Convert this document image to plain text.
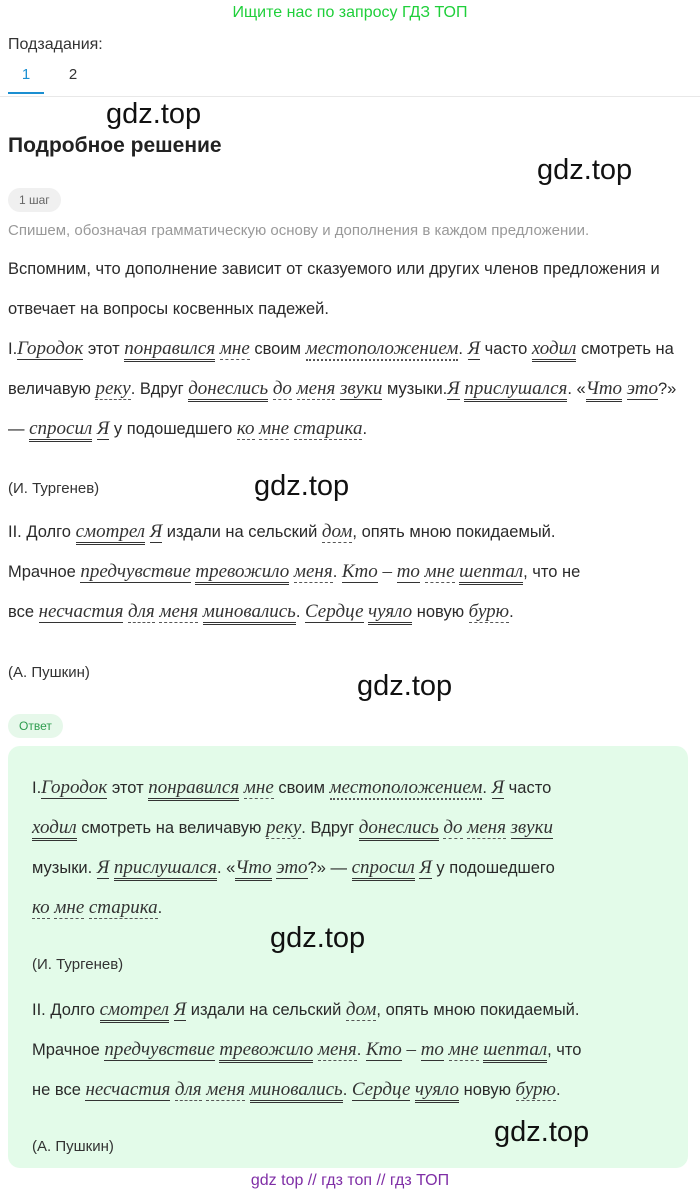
Ищите нас по запросу ГДЗ ТОП
Подзадания:
1	2
gdz.top
Подробное решение
gdz.top
1 шаг
Спишем, обозначая грамматическую основу и дополнения в каждом предложении.
Вспомним, что дополнение зависит от сказуемого или других членов предложения и отвечает на вопросы косвенных падежей.
I.Городок этот понравился мне своим местоположением. Я часто ходил смотреть на величавую реку. Вдруг донеслись до меня звуки музыки.Я прислушался. «Что это?» — спросил Я у подошедшего ко мне старика.
(И. Тургенев)	gdz.top
II. Долго смотрел Я издали на сельский дом, опять мною покидаемый.
Мрачное предчувствие тревожило меня. Кто – то мне шептал, что не
все несчастия для меня миновались. Сердце чуяло новую бурю.
(А. Пушкин)	gdz.top
Ответ
I.Городок этот понравился мне своим местоположением. Я часто
ходил смотреть на величавую реку. Вдруг донеслись до меня звуки
музыки. Я прислушался. «Что это?» — спросил Я у подошедшего
ко мне старика.
gdz.top
(И. Тургенев)
II. Долго смотрел Я издали на сельский дом, опять мною покидаемый.
Мрачное предчувствие тревожило меня. Кто – то мне шептал, что
не все несчастия для меня миновались. Сердце чуяло новую бурю.
gdz.top
(А. Пушкин)
gdz top // гдз топ // гдз ТОП
